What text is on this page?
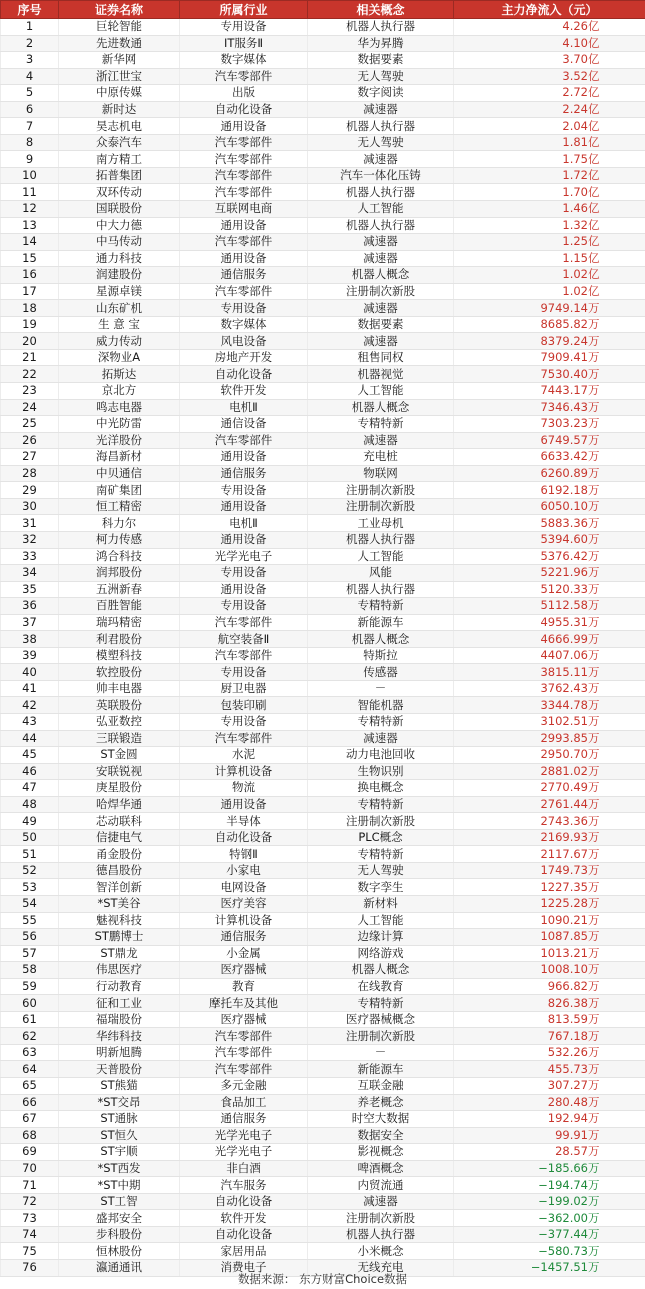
序号	证券名称	所属行业	相关概念	主力净流入（元）
1	巨轮智能	专用设备	机器人执行器	4.26亿
2	先进数通	IT服务Ⅱ	华为昇腾	4.10亿
3	新华网	数字媒体	数据要素	3.70亿
4	浙江世宝	汽车零部件	无人驾驶	3.52亿
5	中原传媒	出版	数字阅读	2.72亿
6	新时达	自动化设备	减速器	2.24亿
7	昊志机电	通用设备	机器人执行器	2.04亿
8	众泰汽车	汽车零部件	无人驾驶	1.81亿
9	南方精工	汽车零部件	减速器	1.75亿
10	拓普集团	汽车零部件	汽车一体化压铸	1.72亿
11	双环传动	汽车零部件	机器人执行器	1.70亿
12	国联股份	互联网电商	人工智能	1.46亿
13	中大力德	通用设备	机器人执行器	1.32亿
14	中马传动	汽车零部件	减速器	1.25亿
15	通力科技	通用设备	减速器	1.15亿
16	润建股份	通信服务	机器人概念	1.02亿
17	星源卓镁	汽车零部件	注册制次新股	1.02亿
18	山东矿机	专用设备	减速器	9749.14万
19	生 意 宝	数字媒体	数据要素	8685.82万
20	威力传动	风电设备	减速器	8379.24万
21	深物业A	房地产开发	租售同权	7909.41万
22	拓斯达	自动化设备	机器视觉	7530.40万
23	京北方	软件开发	人工智能	7443.17万
24	鸣志电器	电机Ⅱ	机器人概念	7346.43万
25	中光防雷	通信设备	专精特新	7303.23万
26	光洋股份	汽车零部件	减速器	6749.57万
27	海昌新材	通用设备	充电桩	6633.42万
28	中贝通信	通信服务	物联网	6260.89万
29	南矿集团	专用设备	注册制次新股	6192.18万
30	恒工精密	通用设备	注册制次新股	6050.10万
31	科力尔	电机Ⅱ	工业母机	5883.36万
32	柯力传感	通用设备	机器人执行器	5394.60万
33	鸿合科技	光学光电子	人工智能	5376.42万
34	润邦股份	专用设备	风能	5221.96万
35	五洲新春	通用设备	机器人执行器	5120.33万
36	百胜智能	专用设备	专精特新	5112.58万
37	瑞玛精密	汽车零部件	新能源车	4955.31万
38	利君股份	航空装备Ⅱ	机器人概念	4666.99万
39	模塑科技	汽车零部件	特斯拉	4407.06万
40	软控股份	专用设备	传感器	3815.11万
41	帅丰电器	厨卫电器	－	3762.43万
42	英联股份	包装印刷	智能机器	3344.78万
43	弘亚数控	专用设备	专精特新	3102.51万
44	三联锻造	汽车零部件	减速器	2993.85万
45	ST金圆	水泥	动力电池回收	2950.70万
46	安联锐视	计算机设备	生物识别	2881.02万
47	庚星股份	物流	换电概念	2770.49万
48	哈焊华通	通用设备	专精特新	2761.44万
49	芯动联科	半导体	注册制次新股	2743.36万
50	信捷电气	自动化设备	PLC概念	2169.93万
51	甬金股份	特钢Ⅱ	专精特新	2117.67万
52	德昌股份	小家电	无人驾驶	1749.73万
53	智洋创新	电网设备	数字孪生	1227.35万
54	*ST美谷	医疗美容	新材料	1225.28万
55	魅视科技	计算机设备	人工智能	1090.21万
56	ST鹏博士	通信服务	边缘计算	1087.85万
57	ST鼎龙	小金属	网络游戏	1013.21万
58	伟思医疗	医疗器械	机器人概念	1008.10万
59	行动教育	教育	在线教育	966.82万
60	征和工业	摩托车及其他	专精特新	826.38万
61	福瑞股份	医疗器械	医疗器械概念	813.59万
62	华纬科技	汽车零部件	注册制次新股	767.18万
63	明新旭腾	汽车零部件	－	532.26万
64	天普股份	汽车零部件	新能源车	455.73万
65	ST熊猫	多元金融	互联金融	307.27万
66	*ST交昂	食品加工	养老概念	280.48万
67	ST通脉	通信服务	时空大数据	192.94万
68	ST恒久	光学光电子	数据安全	99.91万
69	ST宇顺	光学光电子	影视概念	28.57万
70	*ST西发	非白酒	啤酒概念	−185.66万
71	*ST中期	汽车服务	内贸流通	−194.74万
72	ST工智	自动化设备	减速器	−199.02万
73	盛邦安全	软件开发	注册制次新股	−362.00万
74	步科股份	自动化设备	机器人执行器	−377.44万
75	恒林股份	家居用品	小米概念	−580.73万
76	瀛通通讯	消费电子	无线充电	−1457.51万
数据来源： 东方财富Choice数据
